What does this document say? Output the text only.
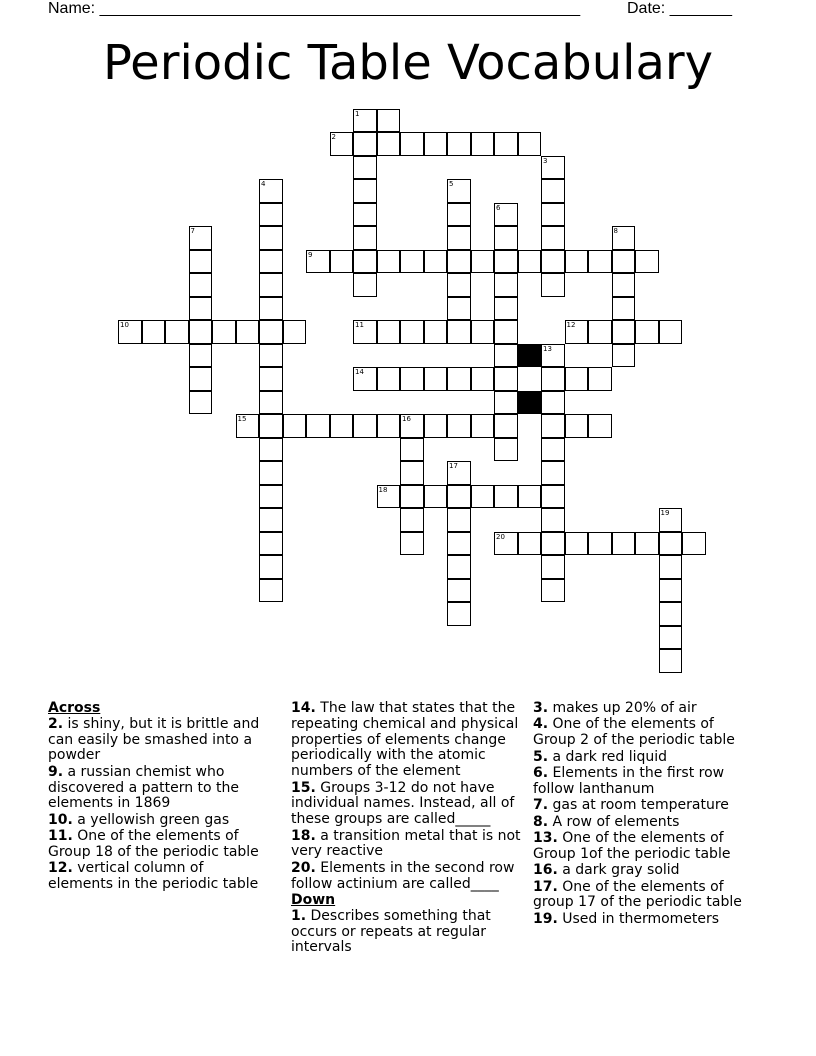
Name: ______________________________________________________	Date: _______
Periodic Table Vocabulary
1
2
3
4	5
6
7	8
9
10	11	12
13
14
15	16
17
18
19
20

Across

2. is shiny, but it is brittle and can easily be smashed into a powder

9. a russian chemist who discovered a pattern to the elements in 1869

10. a yellowish green gas

11. One of the elements of Group 18 of the periodic table

12. vertical column of elements in the periodic table

14. The law that states that the repeating chemical and physical properties of elements change periodically with the atomic numbers of the element

15. Groups 3-12 do not have individual names. Instead, all of these groups are called_____

18. a transition metal that is not very reactive

20. Elements in the second row follow actinium are called____

Down

1. Describes something that occurs or repeats at regular intervals

3. makes up 20% of air

4. One of the elements of Group 2 of the periodic table

5. a dark red liquid

6. Elements in the first row follow lanthanum

7. gas at room temperature

8. A row of elements

13. One of the elements of Group 1of the periodic table

16. a dark gray solid

17. One of the elements of group 17 of the periodic table

19. Used in thermometers
